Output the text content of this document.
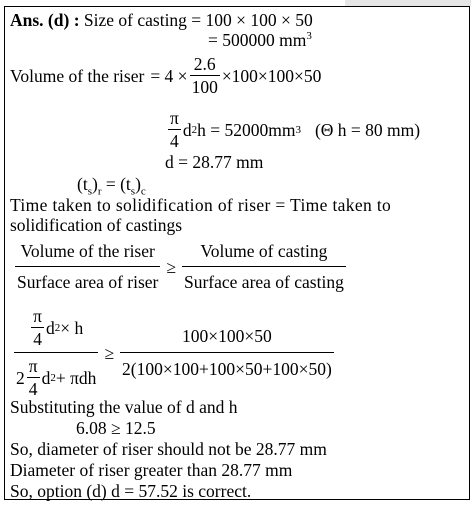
Ans. (d) : Size of casting = 100 × 100 × 50
= 500000 $mm^3$
Volume of the riser = $4 \times \frac{2.6}{100} \times 100\times 100\times 50$
$\frac{\pi}{4}$ d 2 h = 52000mm 3 (Θ h = 80 mm)
d = 28.77 mm
$(t_s)_r = (t_s)_c$
Time taken to solidification of riser = Time taken to
solidification of castings
$\frac{\text{Volume of the riser}}{\text{Surface area of riser}} \ge \frac{\text{Volume of casting}}{\text{Surface area of casting}}$
$\frac{\frac{\pi}{4} d 2 \times h}{2 \frac{\pi}{4} d 2 + \pi dh} \ge \frac{100\times 100\times 50}{2(100\times 100+100\times 50+100\times 50)}$
Substituting the value of d and h
6.08 ≥ 12.5
So, diameter of riser should not be 28.77 mm
Diameter of riser greater than 28.77 mm
So, option (d) d = 57.52 is correct.
